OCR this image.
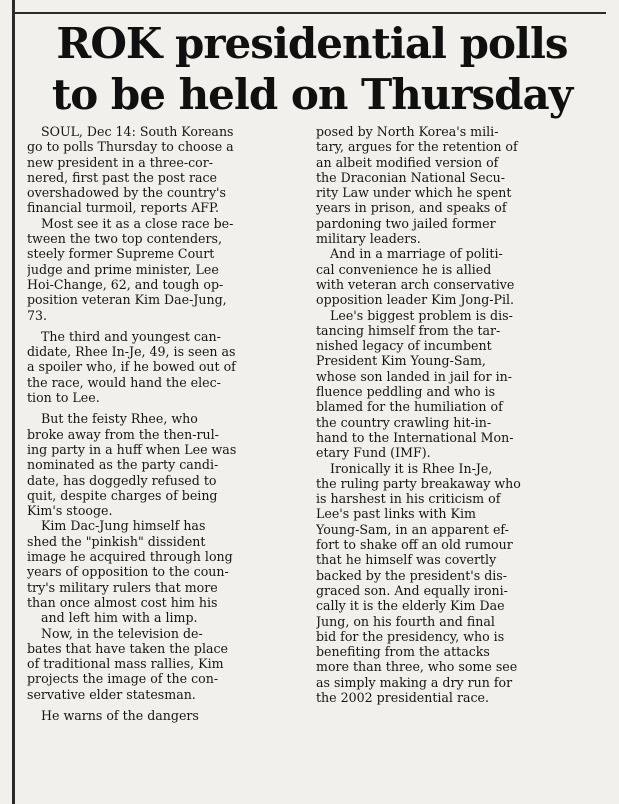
ROK presidential polls
to be held on Thursday
SOUL, Dec 14: South Koreans
go to polls Thursday to choose a
new president in a three-cor-
nered, first past the post race
overshadowed by the country's
financial turmoil, reports AFP.
Most see it as a close race be-
tween the two top contenders,
steely former Supreme Court
judge and prime minister, Lee
Hoi-Change, 62, and tough op-
position veteran Kim Dae-Jung,
73.
The third and youngest can-
didate, Rhee In-Je, 49, is seen as
a spoiler who, if he bowed out of
the race, would hand the elec-
tion to Lee.
But the feisty Rhee, who
broke away from the then-rul-
ing party in a huff when Lee was
nominated as the party candi-
date, has doggedly refused to
quit, despite charges of being
Kim's stooge.
Kim Dac-Jung himself has
shed the "pinkish" dissident
image he acquired through long
years of opposition to the coun-
try's military rulers that more
than once almost cost him his
and left him with a limp.
Now, in the television de-
bates that have taken the place
of traditional mass rallies, Kim
projects the image of the con-
servative elder statesman.
He warns of the dangers
posed by North Korea's mili-
tary, argues for the retention of
an albeit modified version of
the Draconian National Secu-
rity Law under which he spent
years in prison, and speaks of
pardoning two jailed former
military leaders.
And in a marriage of politi-
cal convenience he is allied
with veteran arch conservative
opposition leader Kim Jong-Pil.
Lee's biggest problem is dis-
tancing himself from the tar-
nished legacy of incumbent
President Kim Young-Sam,
whose son landed in jail for in-
fluence peddling and who is
blamed for the humiliation of
the country crawling hit-in-
hand to the International Mon-
etary Fund (IMF).
Ironically it is Rhee In-Je,
the ruling party breakaway who
is harshest in his criticism of
Lee's past links with Kim
Young-Sam, in an apparent ef-
fort to shake off an old rumour
that he himself was covertly
backed by the president's dis-
graced son. And equally ironi-
cally it is the elderly Kim Dae
Jung, on his fourth and final
bid for the presidency, who is
benefiting from the attacks
more than three, who some see
as simply making a dry run for
the 2002 presidential race.
